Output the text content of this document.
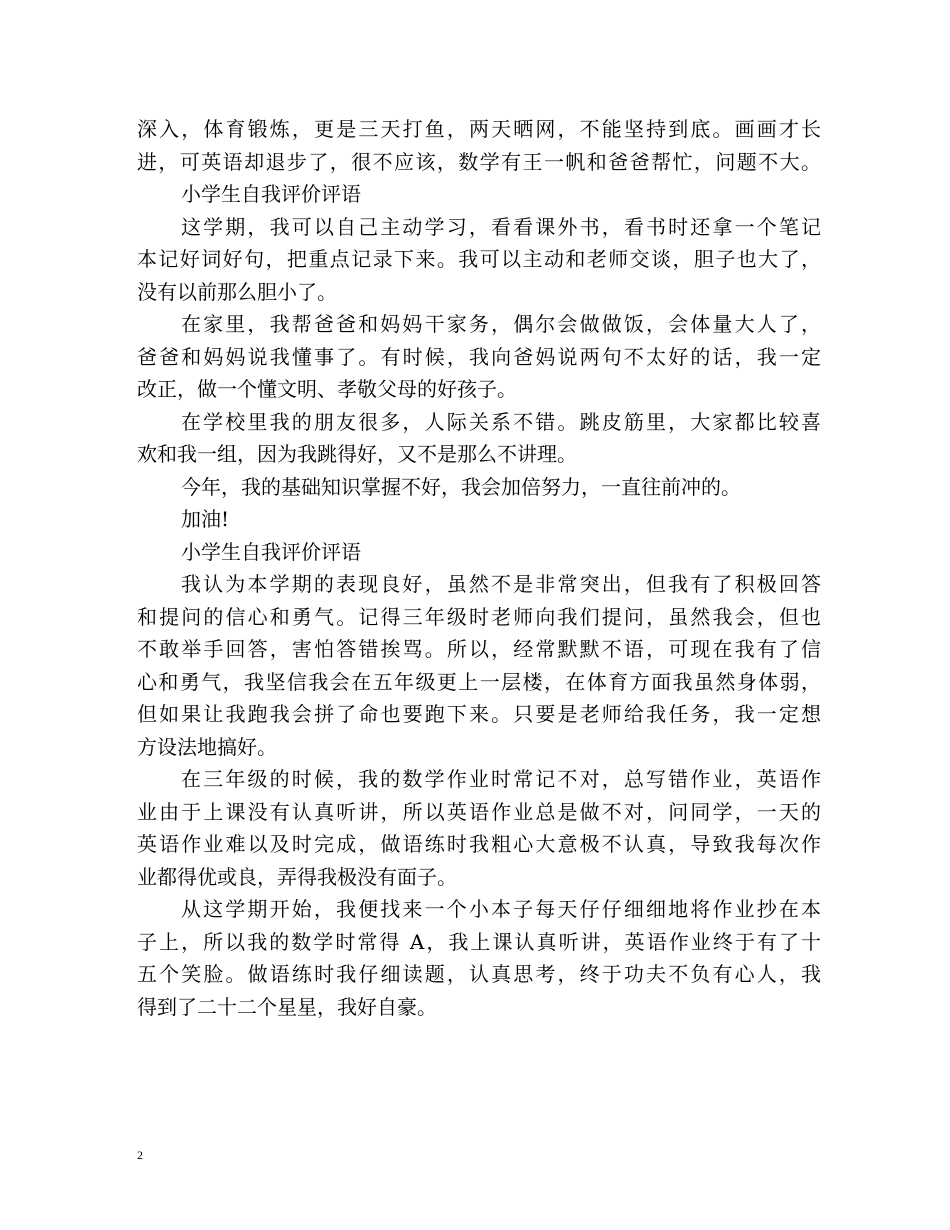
深入，体育锻炼，更是三天打鱼，两天晒网，不能坚持到底。画画才长

进，可英语却退步了，很不应该，数学有王一帆和爸爸帮忙，问题不大。

小学生自我评价评语

这学期，我可以自己主动学习，看看课外书，看书时还拿一个笔记

本记好词好句，把重点记录下来。我可以主动和老师交谈，胆子也大了，

没有以前那么胆小了。

在家里，我帮爸爸和妈妈干家务，偶尔会做做饭，会体量大人了，

爸爸和妈妈说我懂事了。有时候，我向爸妈说两句不太好的话，我一定

改正，做一个懂文明、孝敬父母的好孩子。

在学校里我的朋友很多，人际关系不错。跳皮筋里，大家都比较喜

欢和我一组，因为我跳得好，又不是那么不讲理。

今年，我的基础知识掌握不好，我会加倍努力，一直往前冲的。

加油!

小学生自我评价评语

我认为本学期的表现良好，虽然不是非常突出，但我有了积极回答

和提问的信心和勇气。记得三年级时老师向我们提问，虽然我会，但也

不敢举手回答，害怕答错挨骂。所以，经常默默不语，可现在我有了信

心和勇气，我坚信我会在五年级更上一层楼，在体育方面我虽然身体弱，

但如果让我跑我会拼了命也要跑下来。只要是老师给我任务，我一定想

方设法地搞好。

在三年级的时候，我的数学作业时常记不对，总写错作业，英语作

业由于上课没有认真听讲，所以英语作业总是做不对，问同学，一天的

英语作业难以及时完成，做语练时我粗心大意极不认真，导致我每次作

业都得优或良，弄得我极没有面子。

从这学期开始，我便找来一个小本子每天仔仔细细地将作业抄在本

子上，所以我的数学时常得 A，我上课认真听讲，英语作业终于有了十

五个笑脸。做语练时我仔细读题，认真思考，终于功夫不负有心人，我

得到了二十二个星星，我好自豪。

2
